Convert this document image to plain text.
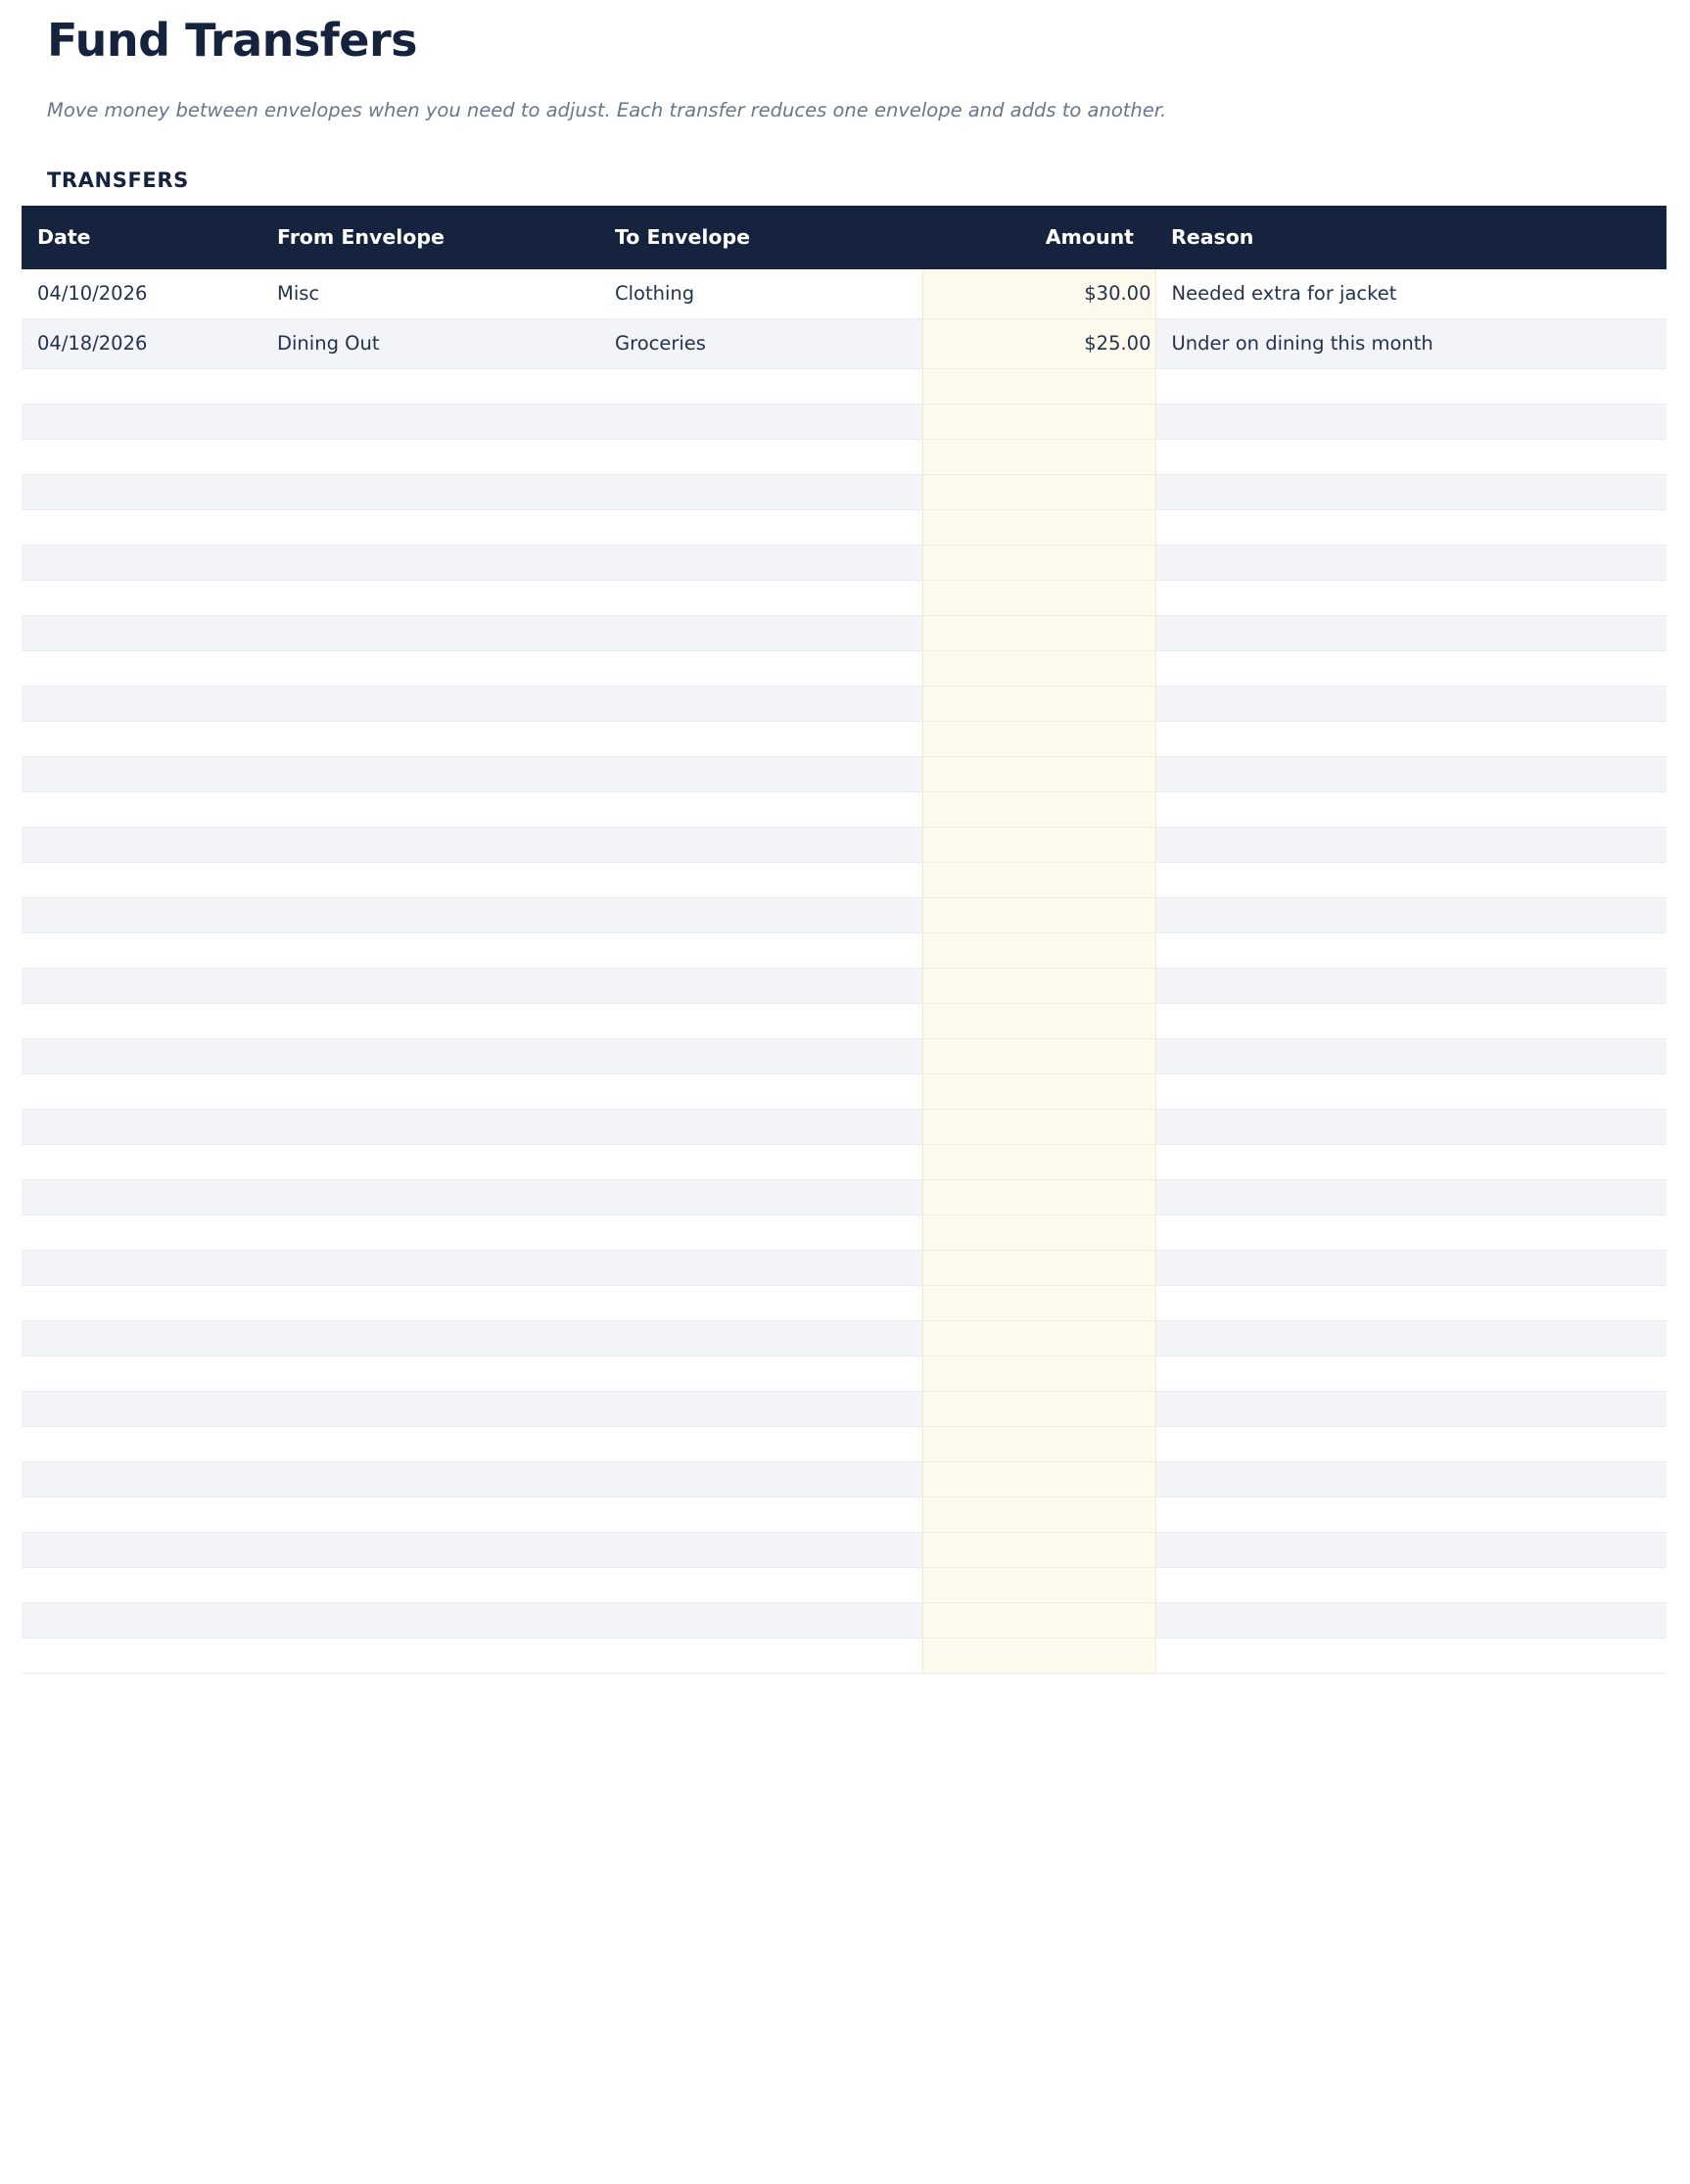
Fund Transfers

Move money between envelopes when you need to adjust. Each transfer reduces one envelope and adds to another.

TRANSFERS
Date	From Envelope	To Envelope	Amount	Reason
04/10/2026	Misc	Clothing	$30.00	Needed extra for jacket
04/18/2026	Dining Out	Groceries	$25.00	Under on dining this month
